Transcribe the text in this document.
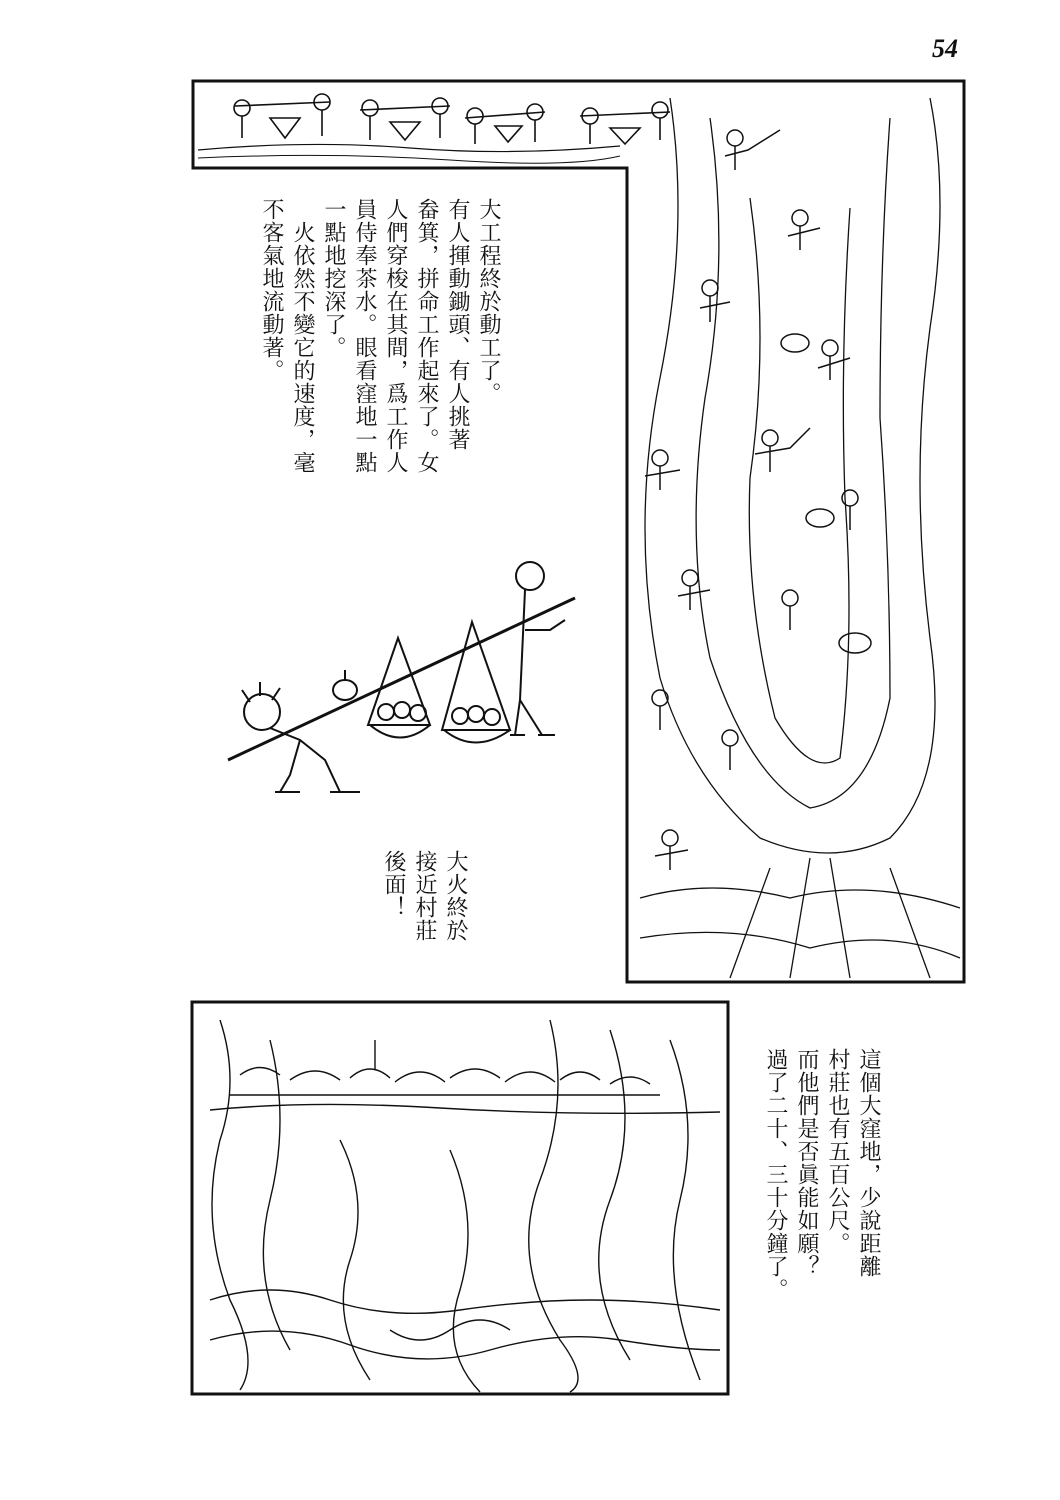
54
大工程終於動工了。
有人揮動鋤頭、有人挑著
畚箕，拼命工作起來了。女
人們穿梭在其間，爲工作人
員侍奉茶水。眼看窪地一點
一點地挖深了。
　火依然不變它的速度，毫
不客氣地流動著。
大火終於
接近村莊
後面！
這個大窪地，少說距離
村莊也有五百公尺。
而他們是否眞能如願？
過了二十、三十分鐘了。
